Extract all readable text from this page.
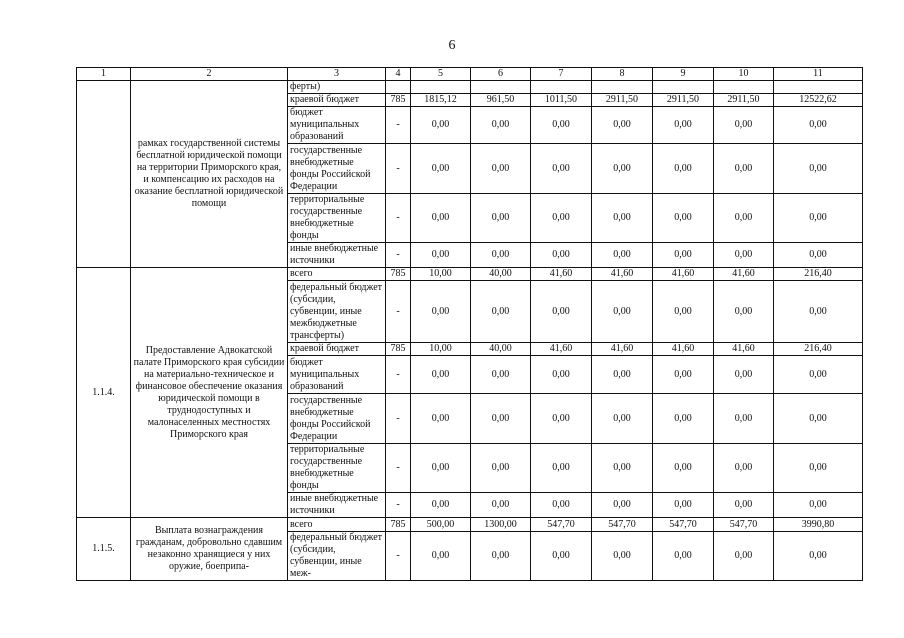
6
1	2	3	4	5	6	7	8	9	10	11
	рамках государственной системы бесплатной юридической помощи на территории Приморского края, и компенсацию их расходов на оказание бесплатной юридической помощи	ферты)								
		краевой бюджет	785	1815,12	961,50	1011,50	2911,50	2911,50	2911,50	12522,62
		бюджет муниципальных образований	-	0,00	0,00	0,00	0,00	0,00	0,00	0,00
		государственные внебюджетные фонды Российской Федерации	-	0,00	0,00	0,00	0,00	0,00	0,00	0,00
		территориальные государственные внебюджетные фонды	-	0,00	0,00	0,00	0,00	0,00	0,00	0,00
		иные внебюджетные источники	-	0,00	0,00	0,00	0,00	0,00	0,00	0,00
1.1.4.	Предоставление Адвокатской палате Приморского края субсидии на материально-техническое и финансовое обеспечение оказания юридической помощи в труднодоступных и малонаселенных местностях Приморского края	всего	785	10,00	40,00	41,60	41,60	41,60	41,60	216,40
		федеральный бюджет (субсидии, субвенции, иные межбюджетные трансферты)	-	0,00	0,00	0,00	0,00	0,00	0,00	0,00
		краевой бюджет	785	10,00	40,00	41,60	41,60	41,60	41,60	216,40
		бюджет муниципальных образований	-	0,00	0,00	0,00	0,00	0,00	0,00	0,00
		государственные внебюджетные фонды Российской Федерации	-	0,00	0,00	0,00	0,00	0,00	0,00	0,00
		территориальные государственные внебюджетные фонды	-	0,00	0,00	0,00	0,00	0,00	0,00	0,00
		иные внебюджетные источники	-	0,00	0,00	0,00	0,00	0,00	0,00	0,00
1.1.5.	Выплата вознаграждения гражданам, добровольно сдавшим незаконно хранящиеся у них оружие, боеприпа-	всего	785	500,00	1300,00	547,70	547,70	547,70	547,70	3990,80
		федеральный бюджет (субсидии, субвенции, иные меж-	-	0,00	0,00	0,00	0,00	0,00	0,00	0,00
